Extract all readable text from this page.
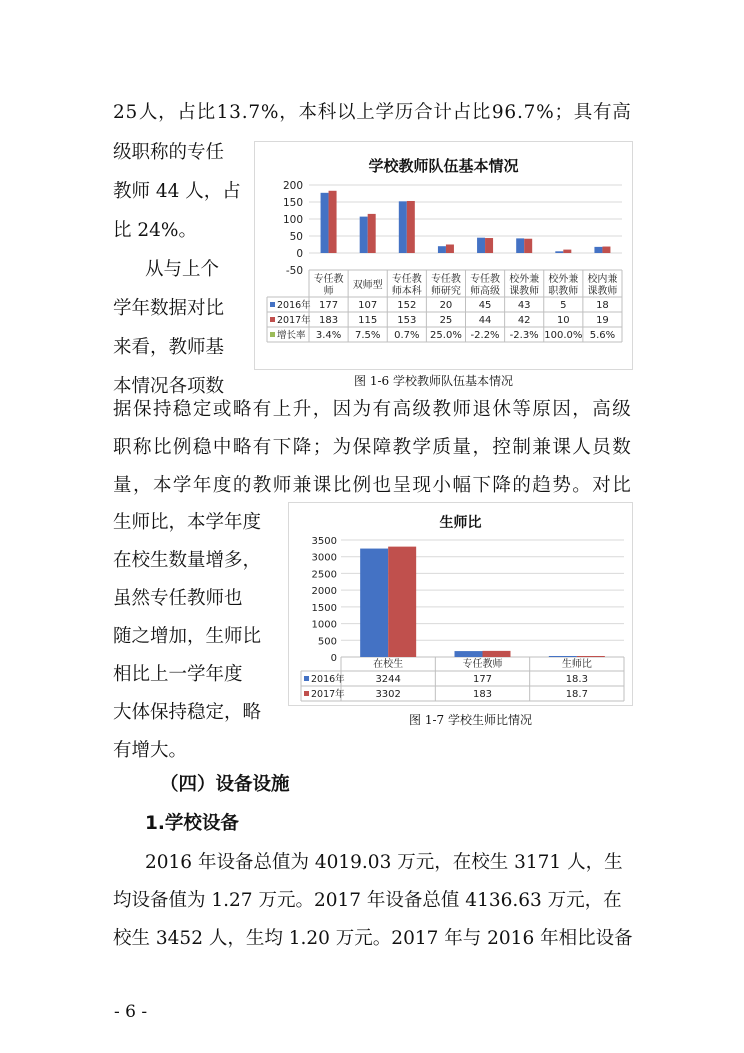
2 5 人 ， 占 比 1 3 . 7 % ， 本 科 以 上 学 历 合 计 占 比 9 6 . 7 % ； 具 有 高
（四）设备设施
1.学校设备
- 6 -
学校教师队伍基本情况
200
150
100
50
0
-50
专任教
师
177
183
3.4%
双师型
107
115
7.5%
专任教
师本科
152
153
0.7%
专任教
师研究
20
25
25.0%
专任教
师高级
45
44
-2.2%
校外兼
课教师
43
42
-2.3%
校外兼
职教师
5
10
100.0%
校内兼
课教师
18
19
5.6%
2016年
2017年
增长率
图 1-6 学校教师队伍基本情况
生师比
3500
3000
2500
2000
1500
1000
500
0
3244
3302
在校生
177
183
专任教师
18.3
18.7
生师比
2016年
2017年
图 1-7 学校生师比情况
级职称的专任
教师 44 人，占
比 24%。
从与上个
学年数据对比
来看，教师基
本情况各项数
据 保 持 稳 定 或 略 有 上 升 ， 因 为 有 高 级 教 师 退 休 等 原 因 ， 高 级
职 称 比 例 稳 中 略 有 下 降 ； 为 保 障 教 学 质 量 ， 控 制 兼 课 人 员 数
量 ， 本 学 年 度 的 教 师 兼 课 比 例 也 呈 现 小 幅 下 降 的 趋 势 。 对 比
生师比，本学年度
在校生数量增多，
虽然专任教师也
随之增加，生师比
相比上一学年度
大体保持稳定，略
有增大。
2016 年设备总值为 4019.03 万元，在校生 3171 人，生
均设备值为 1.27 万元。2017 年设备总值 4136.63 万元，在
校生 3452 人，生均 1.20 万元。2017 年与 2016 年相比设备
